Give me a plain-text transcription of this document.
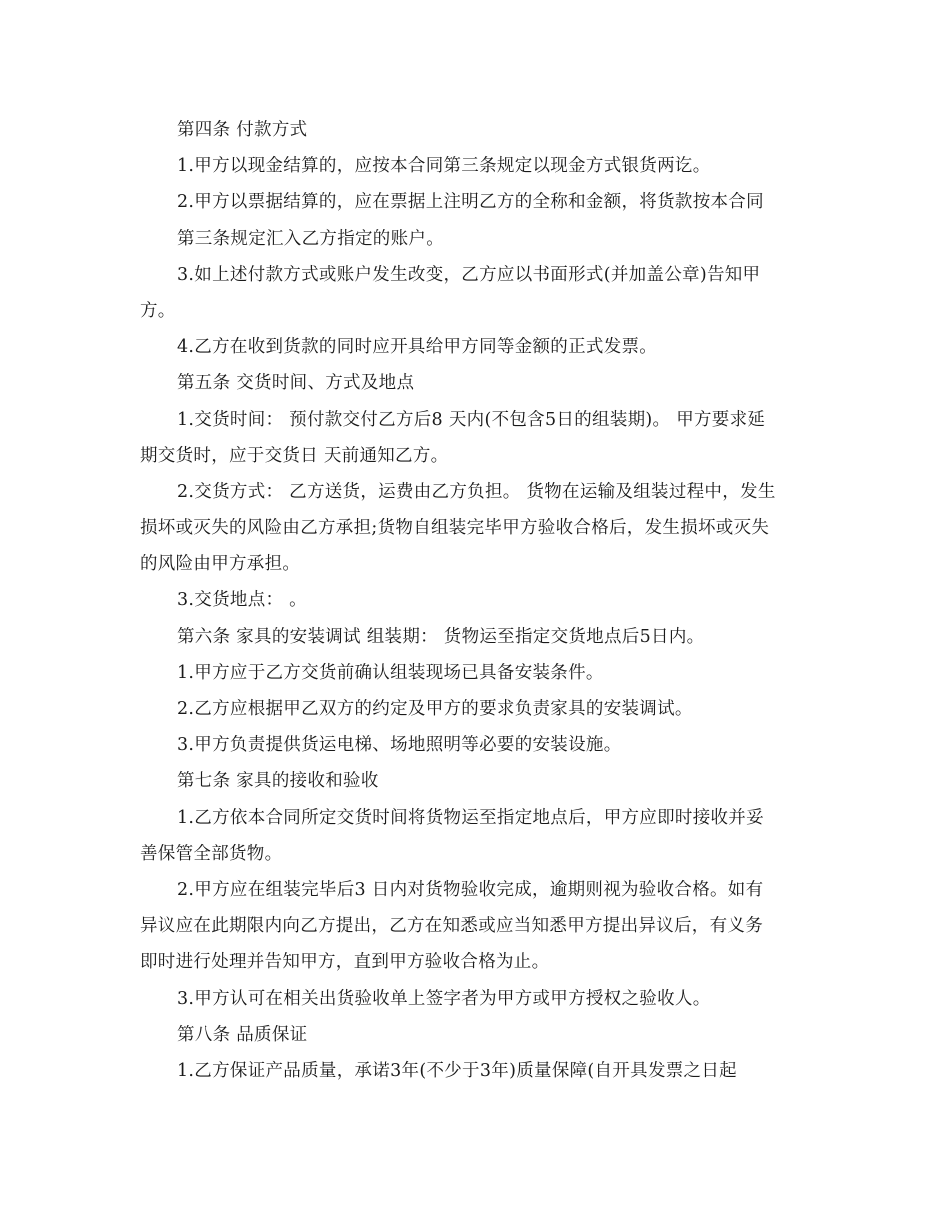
第四条 付款方式
1.甲方以现金结算的，应按本合同第三条规定以现金方式银货两讫。
2.甲方以票据结算的，应在票据上注明乙方的全称和金额，将货款按本合同
第三条规定汇入乙方指定的账户。
3.如上述付款方式或账户发生改变，乙方应以书面形式(并加盖公章)告知甲
方。
4.乙方在收到货款的同时应开具给甲方同等金额的正式发票。
第五条 交货时间、方式及地点
1.交货时间： 预付款交付乙方后8 天内(不包含5日的组装期)。 甲方要求延
期交货时，应于交货日 天前通知乙方。
2.交货方式： 乙方送货，运费由乙方负担。 货物在运输及组装过程中，发生
损坏或灭失的风险由乙方承担;货物自组装完毕甲方验收合格后，发生损坏或灭失
的风险由甲方承担。
3.交货地点： 。
第六条 家具的安装调试 组装期： 货物运至指定交货地点后5日内。
1.甲方应于乙方交货前确认组装现场已具备安装条件。
2.乙方应根据甲乙双方的约定及甲方的要求负责家具的安装调试。
3.甲方负责提供货运电梯、场地照明等必要的安装设施。
第七条 家具的接收和验收
1.乙方依本合同所定交货时间将货物运至指定地点后，甲方应即时接收并妥
善保管全部货物。
2.甲方应在组装完毕后3 日内对货物验收完成，逾期则视为验收合格。如有
异议应在此期限内向乙方提出，乙方在知悉或应当知悉甲方提出异议后，有义务
即时进行处理并告知甲方，直到甲方验收合格为止。
3.甲方认可在相关出货验收单上签字者为甲方或甲方授权之验收人。
第八条 品质保证
1.乙方保证产品质量，承诺3年(不少于3年)质量保障(自开具发票之日起
